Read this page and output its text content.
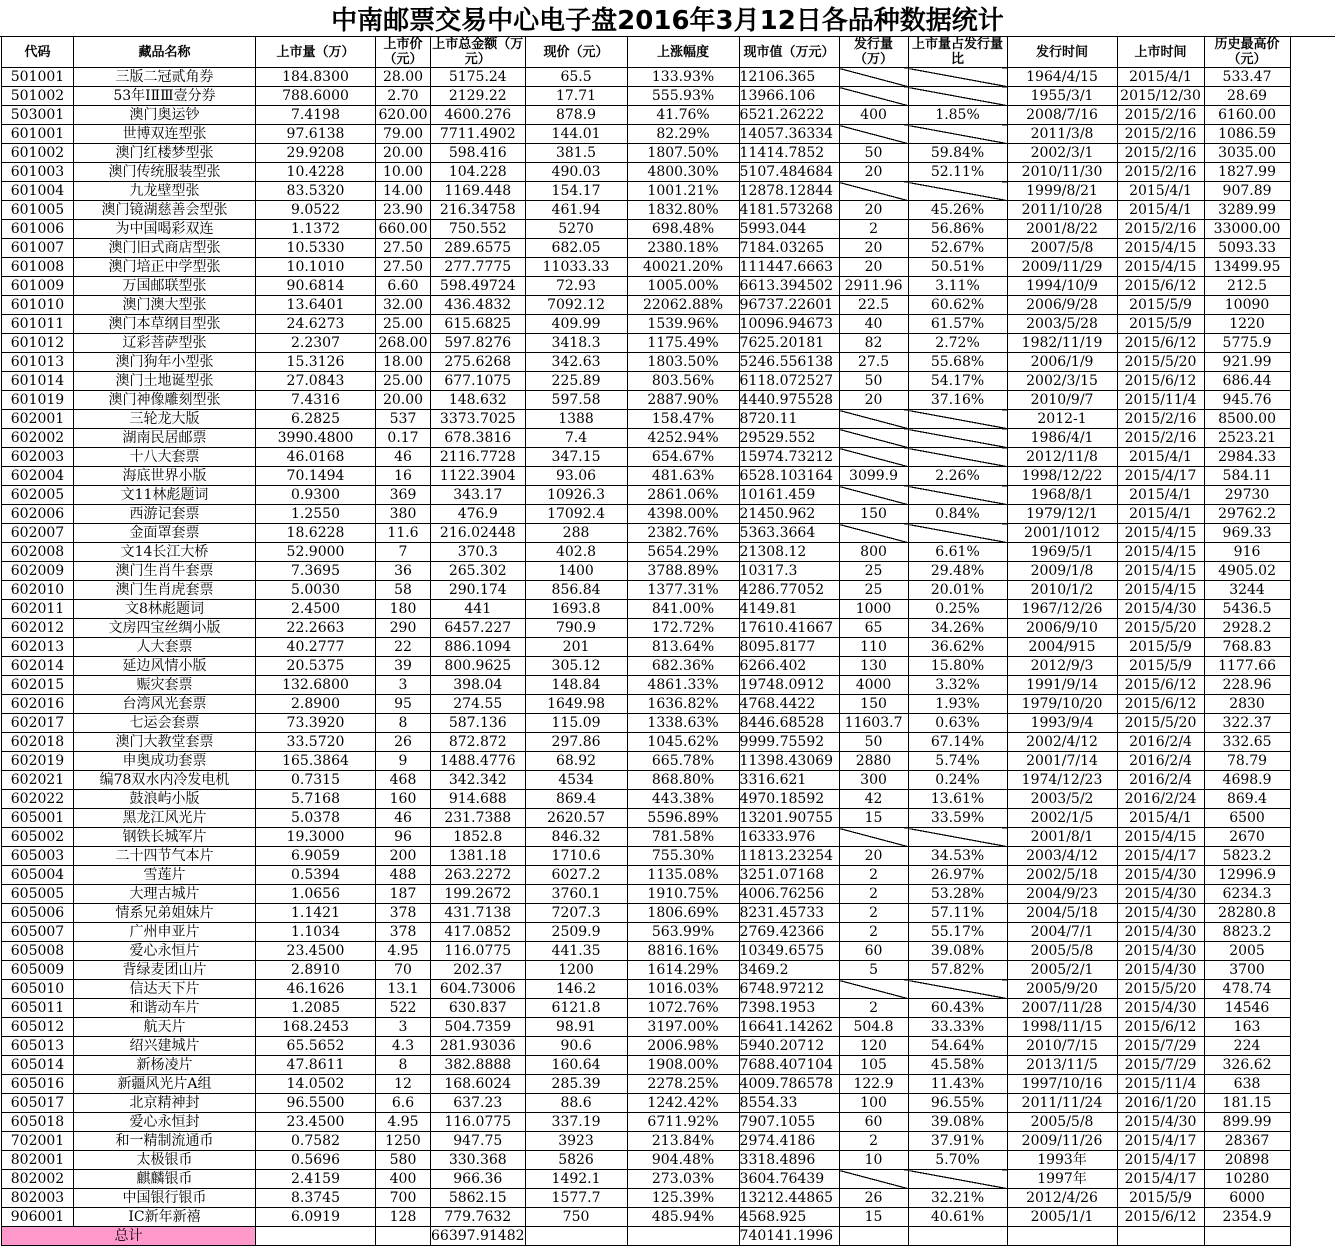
中南邮票交易中心电子盘2016年3月12日各品种数据统计
代码	藏品名称	上市量（万）	上市价（元）	上市总金额（万元）	现价（元）	上涨幅度	现市值（万元）	发行量（万）	上市量占发行量比	发行时间	上市时间	历史最高价（元）
501001	三版二冠贰角券	184.8300	28.00	5175.24	65.5	133.93%	12106.365			1964/4/15	2015/4/1	533.47
501002	53年ⅠⅡⅢ壹分券	788.6000	2.70	2129.22	17.71	555.93%	13966.106			1955/3/1	2015/12/30	28.69
503001	澳门奥运钞	7.4198	620.00	4600.276	878.9	41.76%	6521.26222	400	1.85%	2008/7/16	2015/2/16	6160.00
601001	世博双连型张	97.6138	79.00	7711.4902	144.01	82.29%	14057.36334			2011/3/8	2015/2/16	1086.59
601002	澳门红楼梦型张	29.9208	20.00	598.416	381.5	1807.50%	11414.7852	50	59.84%	2002/3/1	2015/2/16	3035.00
601003	澳门传统服装型张	10.4228	10.00	104.228	490.03	4800.30%	5107.484684	20	52.11%	2010/11/30	2015/2/16	1827.99
601004	九龙壁型张	83.5320	14.00	1169.448	154.17	1001.21%	12878.12844			1999/8/21	2015/4/1	907.89
601005	澳门镜湖慈善会型张	9.0522	23.90	216.34758	461.94	1832.80%	4181.573268	20	45.26%	2011/10/28	2015/4/1	3289.99
601006	为中国喝彩双连	1.1372	660.00	750.552	5270	698.48%	5993.044	2	56.86%	2001/8/22	2015/2/16	33000.00
601007	澳门旧式商店型张	10.5330	27.50	289.6575	682.05	2380.18%	7184.03265	20	52.67%	2007/5/8	2015/4/15	5093.33
601008	澳门培正中学型张	10.1010	27.50	277.7775	11033.33	40021.20%	111447.6663	20	50.51%	2009/11/29	2015/4/15	13499.95
601009	万国邮联型张	90.6814	6.60	598.49724	72.93	1005.00%	6613.394502	2911.96	3.11%	1994/10/9	2015/6/12	212.5
601010	澳门澳大型张	13.6401	32.00	436.4832	7092.12	22062.88%	96737.22601	22.5	60.62%	2006/9/28	2015/5/9	10090
601011	澳门本草纲目型张	24.6273	25.00	615.6825	409.99	1539.96%	10096.94673	40	61.57%	2003/5/28	2015/5/9	1220
601012	辽彩菩萨型张	2.2307	268.00	597.8276	3418.3	1175.49%	7625.20181	82	2.72%	1982/11/19	2015/6/12	5775.9
601013	澳门狗年小型张	15.3126	18.00	275.6268	342.63	1803.50%	5246.556138	27.5	55.68%	2006/1/9	2015/5/20	921.99
601014	澳门土地诞型张	27.0843	25.00	677.1075	225.89	803.56%	6118.072527	50	54.17%	2002/3/15	2015/6/12	686.44
601019	澳门神像雕刻型张	7.4316	20.00	148.632	597.58	2887.90%	4440.975528	20	37.16%	2010/9/7	2015/11/4	945.76
602001	三轮龙大版	6.2825	537	3373.7025	1388	158.47%	8720.11			2012-1	2015/2/16	8500.00
602002	湖南民居邮票	3990.4800	0.17	678.3816	7.4	4252.94%	29529.552			1986/4/1	2015/2/16	2523.21
602003	十八大套票	46.0168	46	2116.7728	347.15	654.67%	15974.73212			2012/11/8	2015/4/1	2984.33
602004	海底世界小版	70.1494	16	1122.3904	93.06	481.63%	6528.103164	3099.9	2.26%	1998/12/22	2015/4/17	584.11
602005	文11林彪题词	0.9300	369	343.17	10926.3	2861.06%	10161.459			1968/8/1	2015/4/1	29730
602006	西游记套票	1.2550	380	476.9	17092.4	4398.00%	21450.962	150	0.84%	1979/12/1	2015/4/1	29762.2
602007	金面罩套票	18.6228	11.6	216.02448	288	2382.76%	5363.3664			2001/1012	2015/4/15	969.33
602008	文14长江大桥	52.9000	7	370.3	402.8	5654.29%	21308.12	800	6.61%	1969/5/1	2015/4/15	916
602009	澳门生肖牛套票	7.3695	36	265.302	1400	3788.89%	10317.3	25	29.48%	2009/1/8	2015/4/15	4905.02
602010	澳门生肖虎套票	5.0030	58	290.174	856.84	1377.31%	4286.77052	25	20.01%	2010/1/2	2015/4/15	3244
602011	文8林彪题词	2.4500	180	441	1693.8	841.00%	4149.81	1000	0.25%	1967/12/26	2015/4/30	5436.5
602012	文房四宝丝绸小版	22.2663	290	6457.227	790.9	172.72%	17610.41667	65	34.26%	2006/9/10	2015/5/20	2928.2
602013	人大套票	40.2777	22	886.1094	201	813.64%	8095.8177	110	36.62%	2004/915	2015/5/9	768.83
602014	延边风情小版	20.5375	39	800.9625	305.12	682.36%	6266.402	130	15.80%	2012/9/3	2015/5/9	1177.66
602015	赈灾套票	132.6800	3	398.04	148.84	4861.33%	19748.0912	4000	3.32%	1991/9/14	2015/6/12	228.96
602016	台湾风光套票	2.8900	95	274.55	1649.98	1636.82%	4768.4422	150	1.93%	1979/10/20	2015/6/12	2830
602017	七运会套票	73.3920	8	587.136	115.09	1338.63%	8446.68528	11603.7	0.63%	1993/9/4	2015/5/20	322.37
602018	澳门大教堂套票	33.5720	26	872.872	297.86	1045.62%	9999.75592	50	67.14%	2002/4/12	2016/2/4	332.65
602019	申奥成功套票	165.3864	9	1488.4776	68.92	665.78%	11398.43069	2880	5.74%	2001/7/14	2016/2/4	78.79
602021	编78双水内冷发电机	0.7315	468	342.342	4534	868.80%	3316.621	300	0.24%	1974/12/23	2016/2/4	4698.9
602022	鼓浪屿小版	5.7168	160	914.688	869.4	443.38%	4970.18592	42	13.61%	2003/5/2	2016/2/24	869.4
605001	黑龙江风光片	5.0378	46	231.7388	2620.57	5596.89%	13201.90755	15	33.59%	2002/1/5	2015/4/1	6500
605002	钢铁长城军片	19.3000	96	1852.8	846.32	781.58%	16333.976			2001/8/1	2015/4/15	2670
605003	二十四节气本片	6.9059	200	1381.18	1710.6	755.30%	11813.23254	20	34.53%	2003/4/12	2015/4/17	5823.2
605004	雪莲片	0.5394	488	263.2272	6027.2	1135.08%	3251.07168	2	26.97%	2002/5/18	2015/4/30	12996.9
605005	大理古城片	1.0656	187	199.2672	3760.1	1910.75%	4006.76256	2	53.28%	2004/9/23	2015/4/30	6234.3
605006	情系兄弟姐妹片	1.1421	378	431.7138	7207.3	1806.69%	8231.45733	2	57.11%	2004/5/18	2015/4/30	28280.8
605007	广州申亚片	1.1034	378	417.0852	2509.9	563.99%	2769.42366	2	55.17%	2004/7/1	2015/4/30	8823.2
605008	爱心永恒片	23.4500	4.95	116.0775	441.35	8816.16%	10349.6575	60	39.08%	2005/5/8	2015/4/30	2005
605009	背绿麦团山片	2.8910	70	202.37	1200	1614.29%	3469.2	5	57.82%	2005/2/1	2015/4/30	3700
605010	信达天下片	46.1626	13.1	604.73006	146.2	1016.03%	6748.97212			2005/9/20	2015/5/20	478.74
605011	和谐动车片	1.2085	522	630.837	6121.8	1072.76%	7398.1953	2	60.43%	2007/11/28	2015/4/30	14546
605012	航天片	168.2453	3	504.7359	98.91	3197.00%	16641.14262	504.8	33.33%	1998/11/15	2015/6/12	163
605013	绍兴建城片	65.5652	4.3	281.93036	90.6	2006.98%	5940.20712	120	54.64%	2010/7/15	2015/7/29	224
605014	新杨凌片	47.8611	8	382.8888	160.64	1908.00%	7688.407104	105	45.58%	2013/11/5	2015/7/29	326.62
605016	新疆风光片A组	14.0502	12	168.6024	285.39	2278.25%	4009.786578	122.9	11.43%	1997/10/16	2015/11/4	638
605017	北京精神封	96.5500	6.6	637.23	88.6	1242.42%	8554.33	100	96.55%	2011/11/24	2016/1/20	181.15
605018	爱心永恒封	23.4500	4.95	116.0775	337.19	6711.92%	7907.1055	60	39.08%	2005/5/8	2015/4/30	899.99
702001	和一精制流通币	0.7582	1250	947.75	3923	213.84%	2974.4186	2	37.91%	2009/11/26	2015/4/17	28367
802001	太极银币	0.5696	580	330.368	5826	904.48%	3318.4896	10	5.70%	1993年	2015/4/17	20898
802002	麒麟银币	2.4159	400	966.36	1492.1	273.03%	3604.76439			1997年	2015/4/17	10280
802003	中国银行银币	8.3745	700	5862.15	1577.7	125.39%	13212.44865	26	32.21%	2012/4/26	2015/5/9	6000
906001	IC新年新禧	6.0919	128	779.7632	750	485.94%	4568.925	15	40.61%	2005/1/1	2015/6/12	2354.9
总计				66397.91482			740141.1996					
